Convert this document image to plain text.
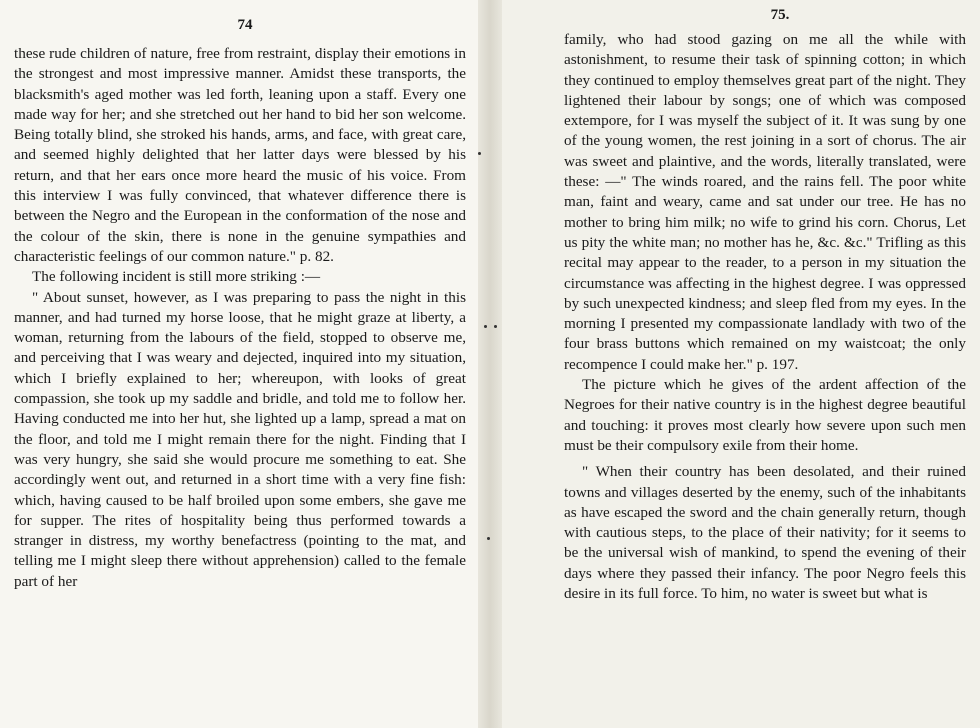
74

these rude children of nature, free from restraint, display their emotions in the strongest and most impressive manner. Amidst these transports, the blacksmith's aged mother was led forth, leaning upon a staff. Every one made way for her; and she stretched out her hand to bid her son welcome. Being totally blind, she stroked his hands, arms, and face, with great care, and seemed highly delighted that her latter days were blessed by his return, and that her ears once more heard the music of his voice. From this interview I was fully convinced, that whatever difference there is between the Negro and the European in the conformation of the nose and the colour of the skin, there is none in the genuine sympathies and characteristic feelings of our common nature." p. 82.

The following incident is still more striking :—

" About sunset, however, as I was preparing to pass the night in this manner, and had turned my horse loose, that he might graze at liberty, a woman, returning from the labours of the field, stopped to observe me, and perceiving that I was weary and dejected, inquired into my situation, which I briefly explained to her; whereupon, with looks of great compassion, she took up my saddle and bridle, and told me to follow her. Having conducted me into her hut, she lighted up a lamp, spread a mat on the floor, and told me I might remain there for the night. Finding that I was very hungry, she said she would procure me something to eat. She accordingly went out, and returned in a short time with a very fine fish: which, having caused to be half broiled upon some embers, she gave me for supper. The rites of hospitality being thus performed towards a stranger in distress, my worthy benefactress (pointing to the mat, and telling me I might sleep there without apprehension) called to the female part of her

75.

family, who had stood gazing on me all the while with astonishment, to resume their task of spinning cotton; in which they continued to employ themselves great part of the night. They lightened their labour by songs; one of which was composed extempore, for I was myself the subject of it. It was sung by one of the young women, the rest joining in a sort of chorus. The air was sweet and plaintive, and the words, literally translated, were these: —" The winds roared, and the rains fell. The poor white man, faint and weary, came and sat under our tree. He has no mother to bring him milk; no wife to grind his corn. Chorus, Let us pity the white man; no mother has he, &c. &c." Trifling as this recital may appear to the reader, to a person in my situation the circumstance was affecting in the highest degree. I was oppressed by such unexpected kindness; and sleep fled from my eyes. In the morning I presented my compassionate landlady with two of the four brass buttons which remained on my waistcoat; the only recompence I could make her." p. 197.

The picture which he gives of the ardent affection of the Negroes for their native country is in the highest degree beautiful and touching: it proves most clearly how severe upon such men must be their compulsory exile from their home.

" When their country has been desolated, and their ruined towns and villages deserted by the enemy, such of the inhabitants as have escaped the sword and the chain generally return, though with cautious steps, to the place of their nativity; for it seems to be the universal wish of mankind, to spend the evening of their days where they passed their infancy. The poor Negro feels this desire in its full force. To him, no water is sweet but what is
